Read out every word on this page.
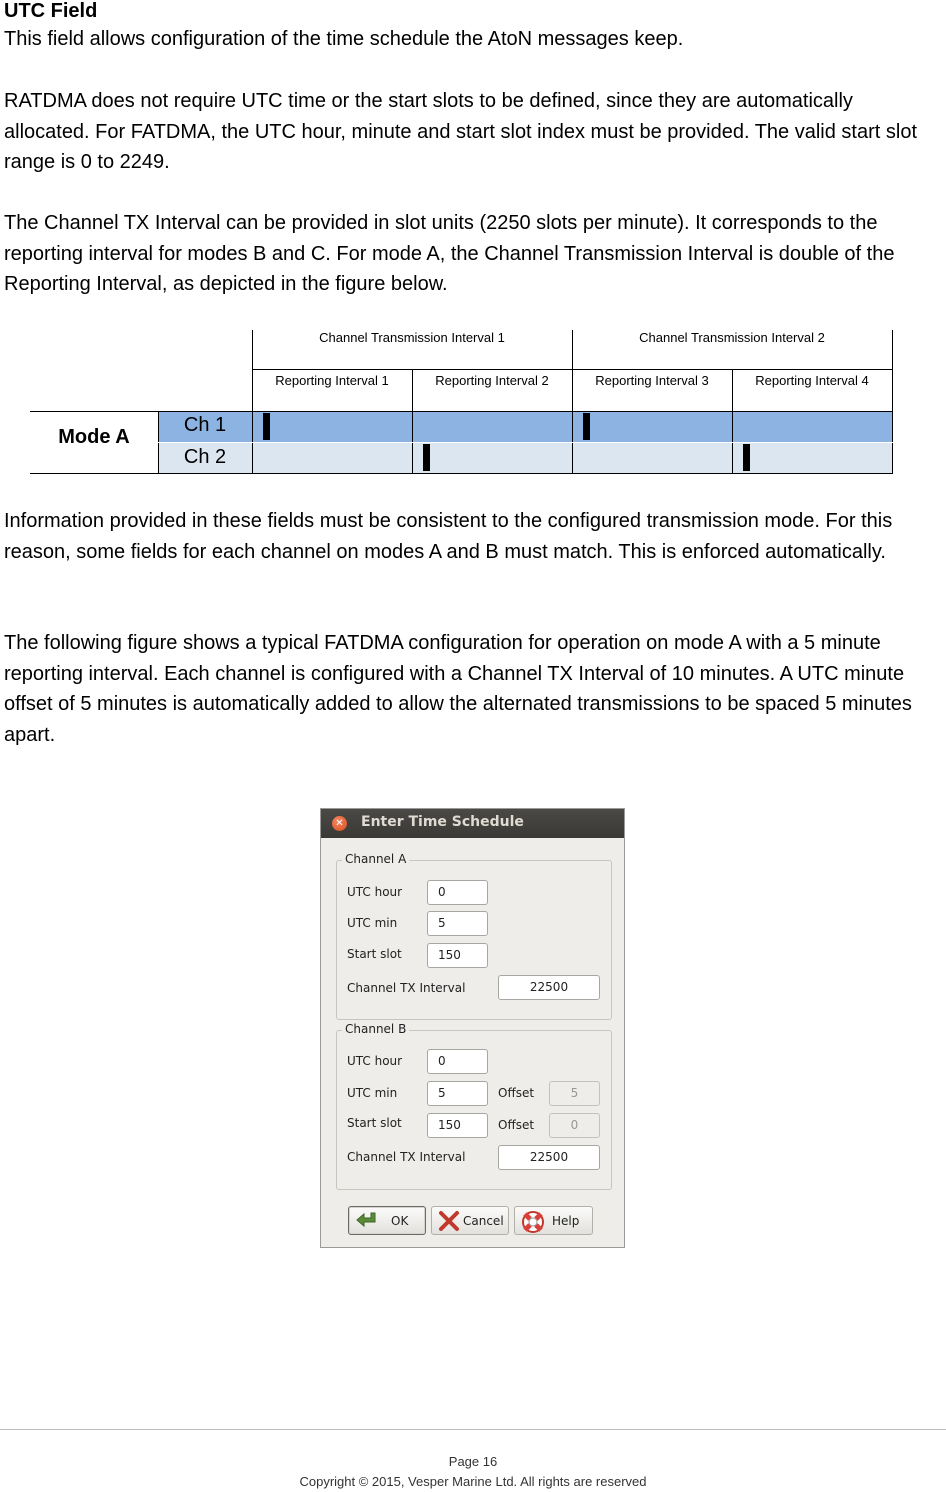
UTC Field

This field allows configuration of the time schedule the AtoN messages keep.

RATDMA does not require UTC time or the start slots to be defined, since they are automatically allocated. For FATDMA, the UTC hour, minute and start slot index must be provided. The valid start slot range is 0 to 2249.

The Channel TX Interval can be provided in slot units (2250 slots per minute). It corresponds to the reporting interval for modes B and C. For mode A, the Channel Transmission Interval is double of the Reporting Interval, as depicted in the figure below.

Channel Transmission Interval 1	Channel Transmission Interval 2
Reporting Interval 1	Reporting Interval 2	Reporting Interval 3	Reporting Interval 4
Mode A
Ch 1
Ch 2

Information provided in these fields must be consistent to the configured transmission mode. For this reason, some fields for each channel on modes A and B must match. This is enforced automatically.

The following figure shows a typical FATDMA configuration for operation on mode A with a 5 minute reporting interval. Each channel is configured with a Channel TX Interval of 10 minutes. A UTC minute offset of 5 minutes is automatically added to allow the alternated transmissions to be spaced 5 minutes apart.

✕ Enter Time Schedule
Channel A
UTC hour	0
UTC min	5
Start slot	150
Channel TX Interval	22500
Channel B
UTC hour	0
UTC min	5	Offset	5
Start slot	150	Offset	0
Channel TX Interval	22500
OK	Cancel	Help
Page 16
Copyright © 2015, Vesper Marine Ltd. All rights are reserved
